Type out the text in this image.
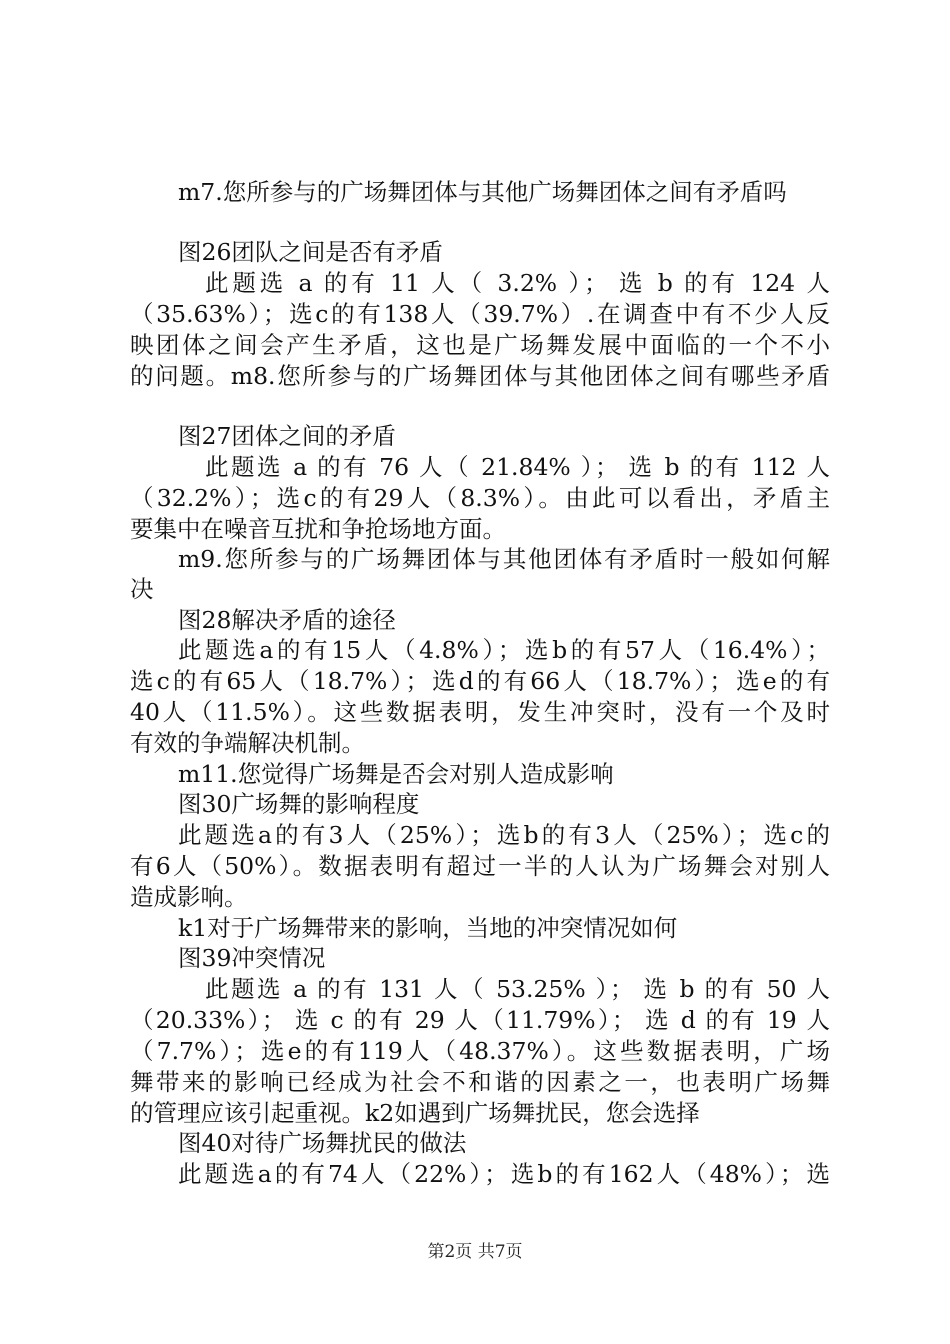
m7.您所参与的广场舞团体与其他广场舞团体之间有矛盾吗
图26团队之间是否有矛盾
此题选 a 的有 11 人（ 3.2% ）； 选 b 的有 124 人
（35.63%）；选c的有138人（39.7%）.在调查中有不少人反
映团体之间会产生矛盾，这也是广场舞发展中面临的一个不小
的问题。m8.您所参与的广场舞团体与其他团体之间有哪些矛盾
图27团体之间的矛盾
此题选 a 的有 76 人（ 21.84% ）； 选 b 的有 112 人
（32.2%）；选c的有29人（8.3%）。由此可以看出，矛盾主
要集中在噪音互扰和争抢场地方面。
m9.您所参与的广场舞团体与其他团体有矛盾时一般如何解
决
图28解决矛盾的途径
此题选a的有15人（4.8%）；选b的有57人（16.4%）；
选c的有65人（18.7%）；选d的有66人（18.7%）；选e的有
40人（11.5%）。这些数据表明，发生冲突时，没有一个及时
有效的争端解决机制。
m11.您觉得广场舞是否会对别人造成影响
图30广场舞的影响程度
此题选a的有3人（25%）；选b的有3人（25%）；选c的
有6人（50%）。数据表明有超过一半的人认为广场舞会对别人
造成影响。
k1对于广场舞带来的影响，当地的冲突情况如何
图39冲突情况
此题选 a 的有 131 人（ 53.25% ）； 选 b 的有 50 人
（20.33%）； 选 c 的有 29 人（11.79%）； 选 d 的有 19 人
（7.7%）；选e的有119人（48.37%）。这些数据表明，广场
舞带来的影响已经成为社会不和谐的因素之一，也表明广场舞
的管理应该引起重视。k2如遇到广场舞扰民，您会选择
图40对待广场舞扰民的做法
此题选a的有74人（22%）；选b的有162人（48%）；选
第2页 共7页
